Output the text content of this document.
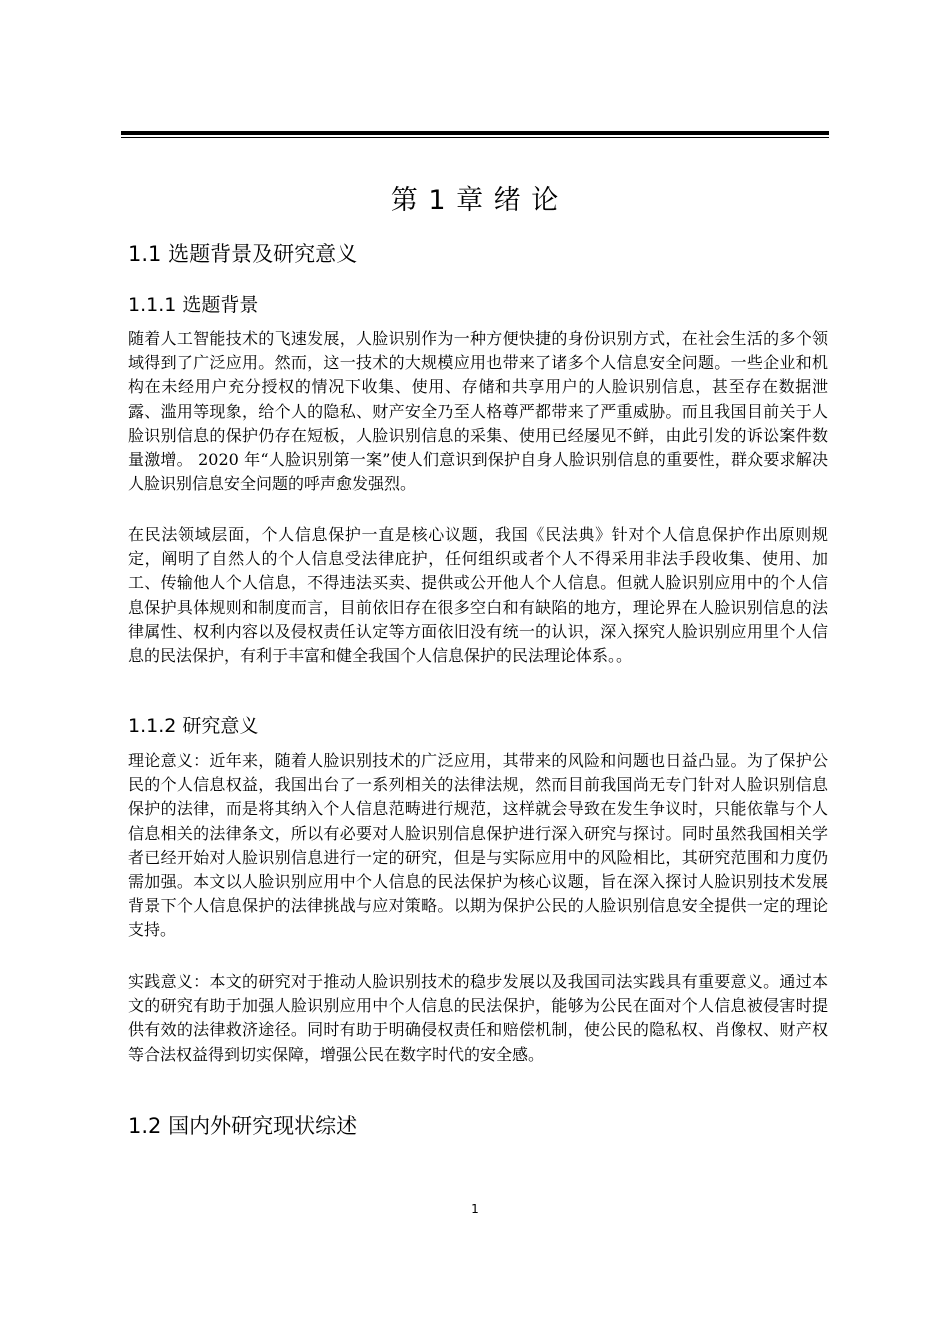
第 1 章 绪 论
1.1 选题背景及研究意义
1.1.1 选题背景
随着人工智能技术的飞速发展，人脸识别作为一种方便快捷的身份识别方式，在社会生活的多个领域得到了广泛应用。然而，这一技术的大规模应用也带来了诸多个人信息安全问题。一些企业和机构在未经用户充分授权的情况下收集、使用、存储和共享用户的人脸识别信息，甚至存在数据泄露、滥用等现象，给个人的隐私、财产安全乃至人格尊严都带来了严重威胁。而且我国目前关于人脸识别信息的保护仍存在短板，人脸识别信息的采集、使用已经屡见不鲜，由此引发的诉讼案件数量激增。 2020 年“人脸识别第一案”使人们意识到保护自身人脸识别信息的重要性，群众要求解决人脸识别信息安全问题的呼声愈发强烈。
在民法领域层面，个人信息保护一直是核心议题，我国《民法典》针对个人信息保护作出原则规定，阐明了自然人的个人信息受法律庇护，任何组织或者个人不得采用非法手段收集、使用、加工、传输他人个人信息，不得违法买卖、提供或公开他人个人信息。但就人脸识别应用中的个人信息保护具体规则和制度而言，目前依旧存在很多空白和有缺陷的地方，理论界在人脸识别信息的法律属性、权利内容以及侵权责任认定等方面依旧没有统一的认识，深入探究人脸识别应用里个人信息的民法保护，有利于丰富和健全我国个人信息保护的民法理论体系。。
1.1.2 研究意义
理论意义：近年来，随着人脸识别技术的广泛应用，其带来的风险和问题也日益凸显。为了保护公民的个人信息权益，我国出台了一系列相关的法律法规，然而目前我国尚无专门针对人脸识别信息保护的法律，而是将其纳入个人信息范畴进行规范，这样就会导致在发生争议时，只能依靠与个人信息相关的法律条文，所以有必要对人脸识别信息保护进行深入研究与探讨。同时虽然我国相关学者已经开始对人脸识别信息进行一定的研究，但是与实际应用中的风险相比，其研究范围和力度仍需加强。本文以人脸识别应用中个人信息的民法保护为核心议题，旨在深入探讨人脸识别技术发展背景下个人信息保护的法律挑战与应对策略。以期为保护公民的人脸识别信息安全提供一定的理论支持。
实践意义：本文的研究对于推动人脸识别技术的稳步发展以及我国司法实践具有重要意义。通过本文的研究有助于加强人脸识别应用中个人信息的民法保护，能够为公民在面对个人信息被侵害时提供有效的法律救济途径。同时有助于明确侵权责任和赔偿机制，使公民的隐私权、肖像权、财产权等合法权益得到切实保障，增强公民在数字时代的安全感。
1.2 国内外研究现状综述
1
